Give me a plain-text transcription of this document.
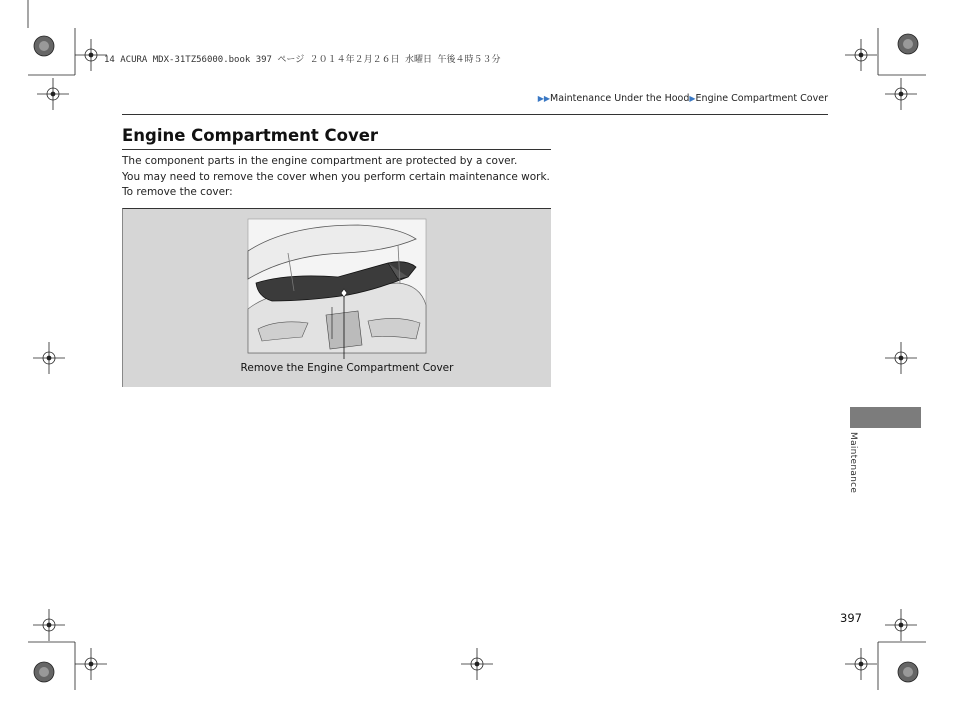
14 ACURA MDX-31TZ56000.book 397 ページ ２０１４年２月２６日 水曜日 午後４時５３分
▶▶Maintenance Under the Hood▶Engine Compartment Cover
Engine Compartment Cover

The component parts in the engine compartment are protected by a cover.

You may need to remove the cover when you perform certain maintenance work.

To remove the cover:

Remove the Engine Compartment Cover
Maintenance
397
